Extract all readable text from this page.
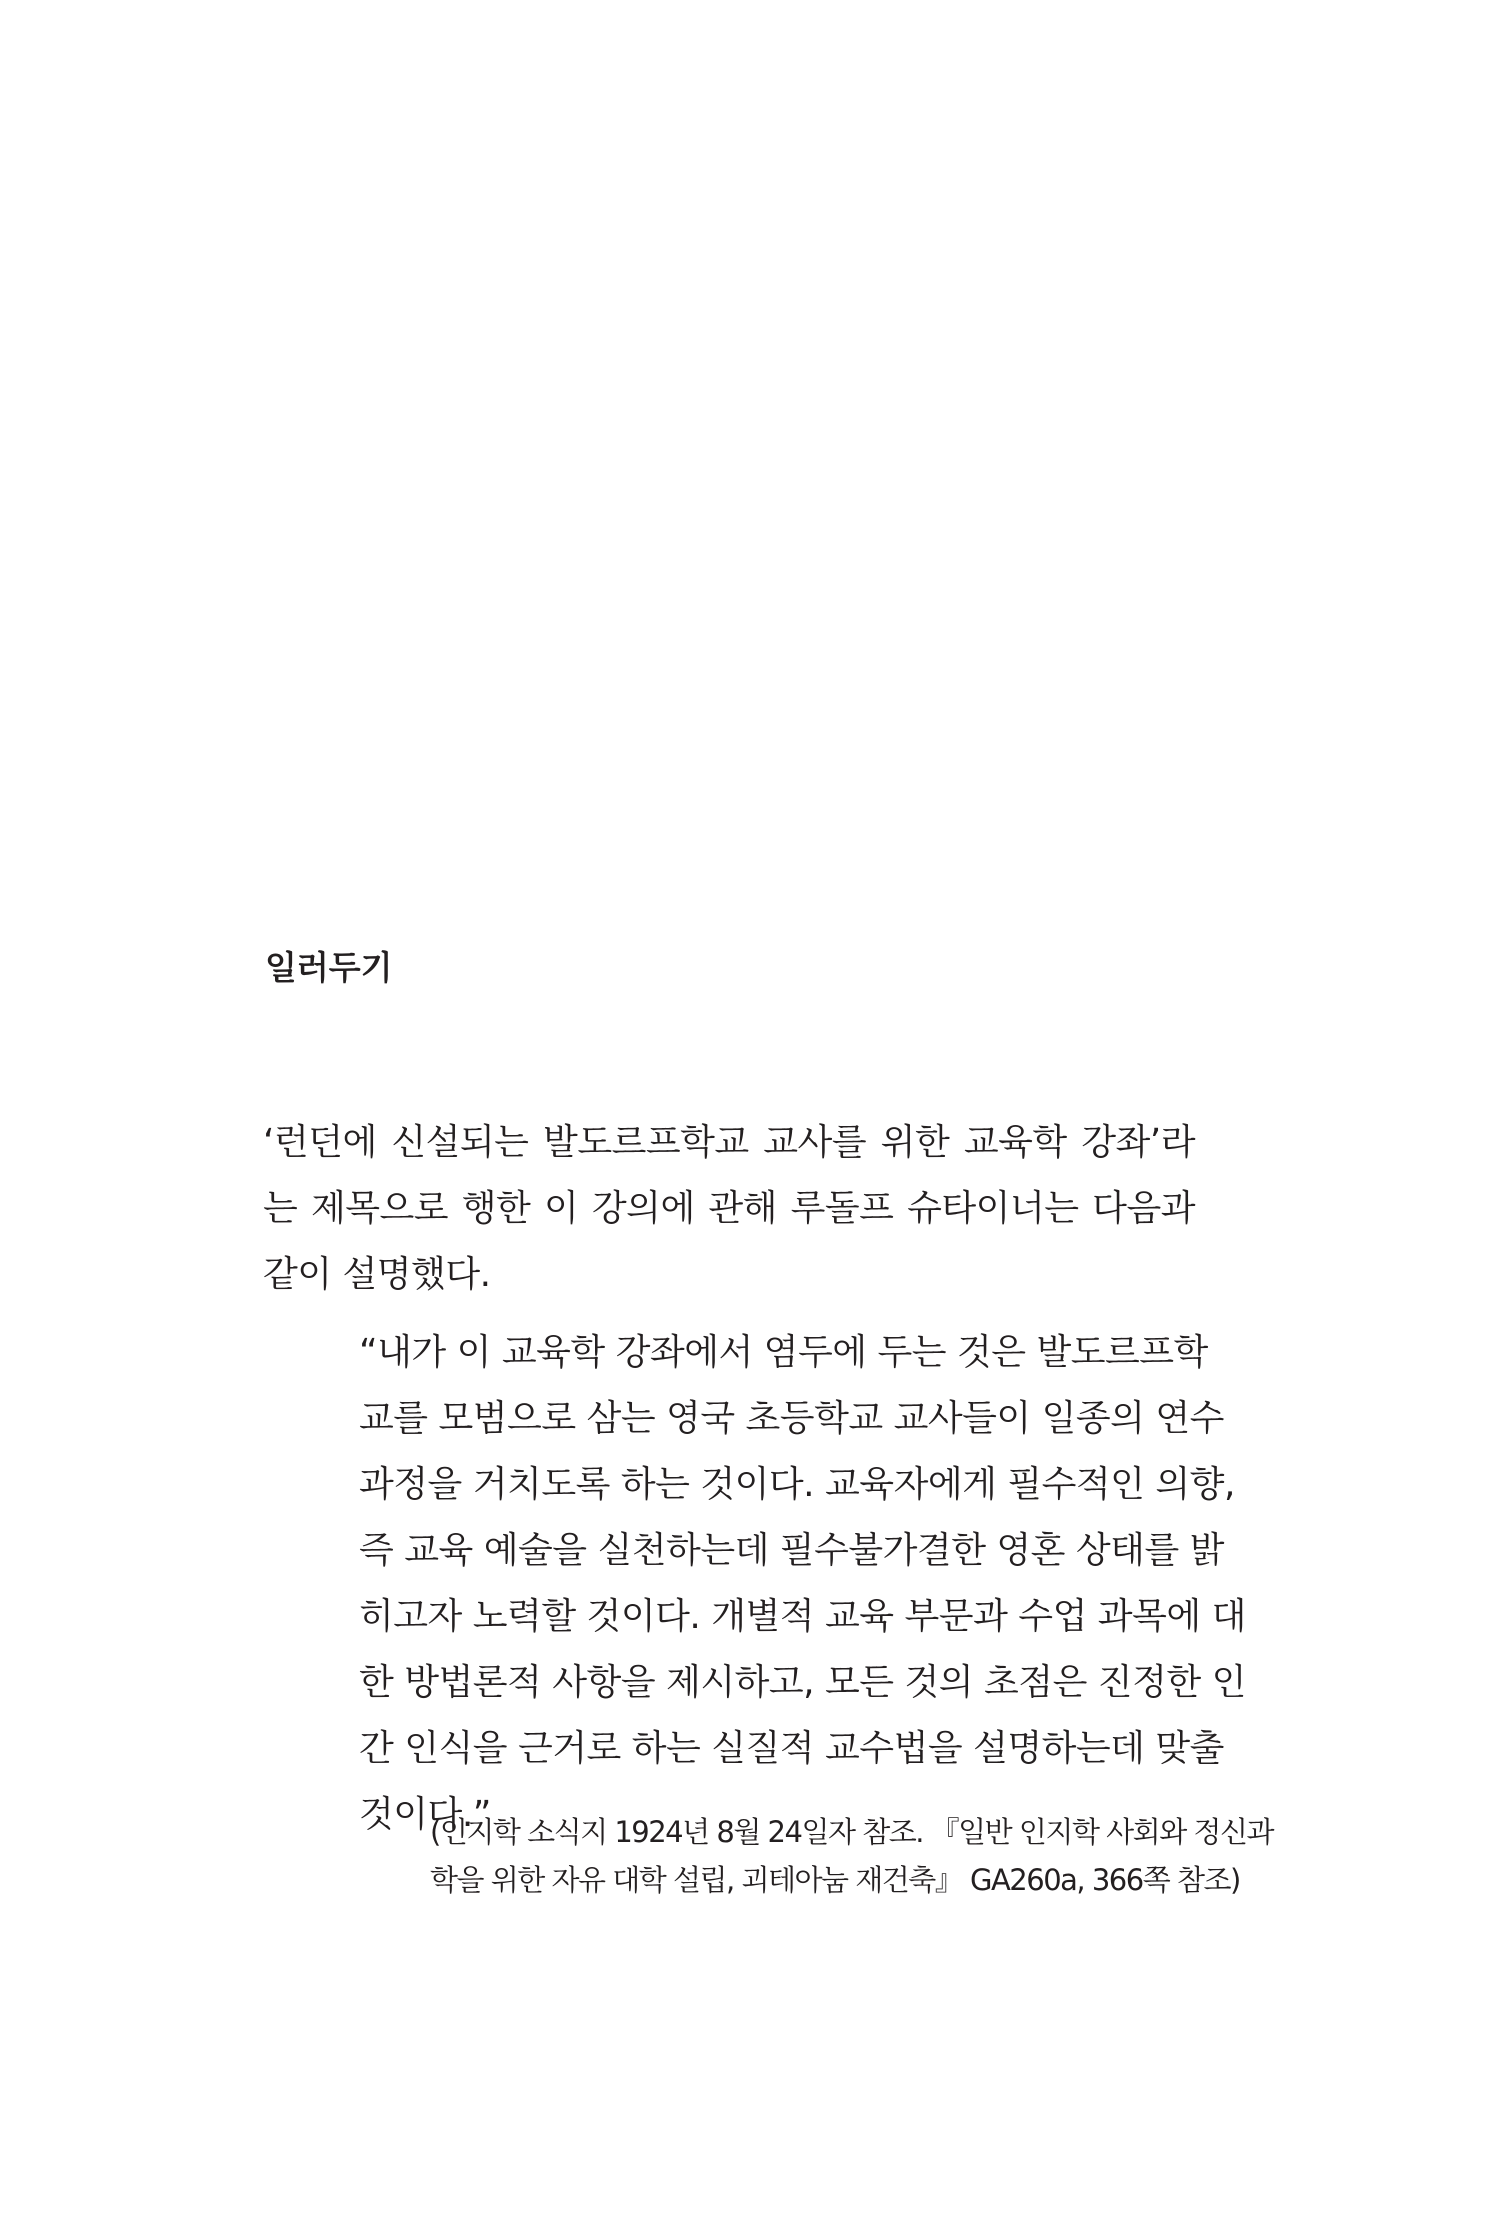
일러두기

‘런던에 신설되는 발도르프학교 교사를 위한 교육학 강좌’라
는 제목으로 행한 이 강의에 관해 루돌프 슈타이너는 다음과
같이 설명했다.

“내가 이 교육학 강좌에서 염두에 두는 것은 발도르프학
교를 모범으로 삼는 영국 초등학교 교사들이 일종의 연수
과정을 거치도록 하는 것이다. 교육자에게 필수적인 의향,
즉 교육 예술을 실천하는데 필수불가결한 영혼 상태를 밝
히고자 노력할 것이다. 개별적 교육 부문과 수업 과목에 대
한 방법론적 사항을 제시하고, 모든 것의 초점은 진정한 인
간 인식을 근거로 하는 실질적 교수법을 설명하는데 맞출
것이다.”

(인지학 소식지 1924년 8월 24일자 참조. 『일반 인지학 사회와 정신과
학을 위한 자유 대학 설립, 괴테아눔 재건축』 GA260a, 366쪽 참조)
